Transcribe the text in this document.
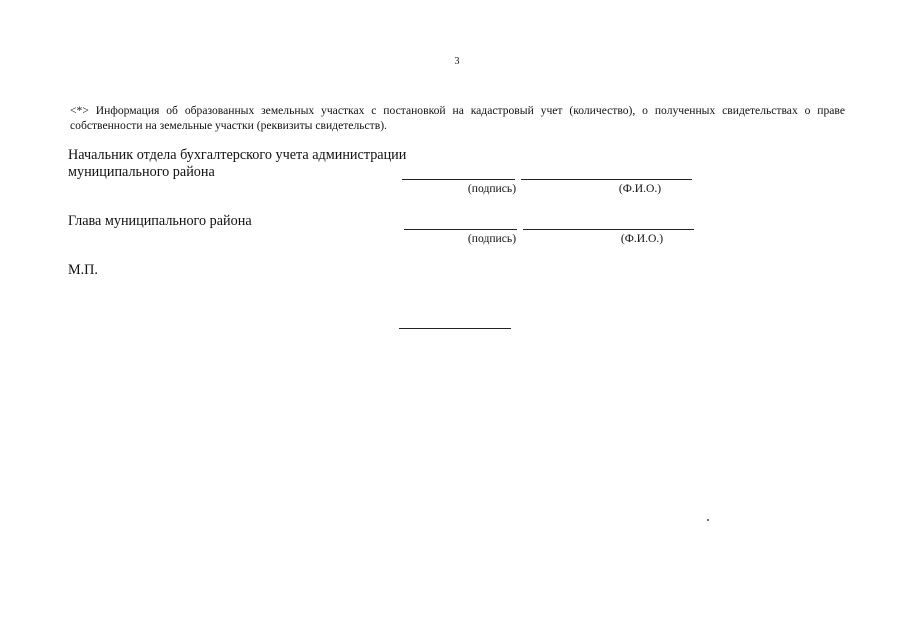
3
<*> Информация об образованных земельных участках с постановкой на кадастровый учет (количество), о полученных свидетельствах о праве собственности на земельные участки (реквизиты свидетельств).
Начальник отдела бухгалтерского учета администрации муниципального района
(подпись)	(Ф.И.О.)
Глава муниципального района
(подпись)	(Ф.И.О.)
М.П.
